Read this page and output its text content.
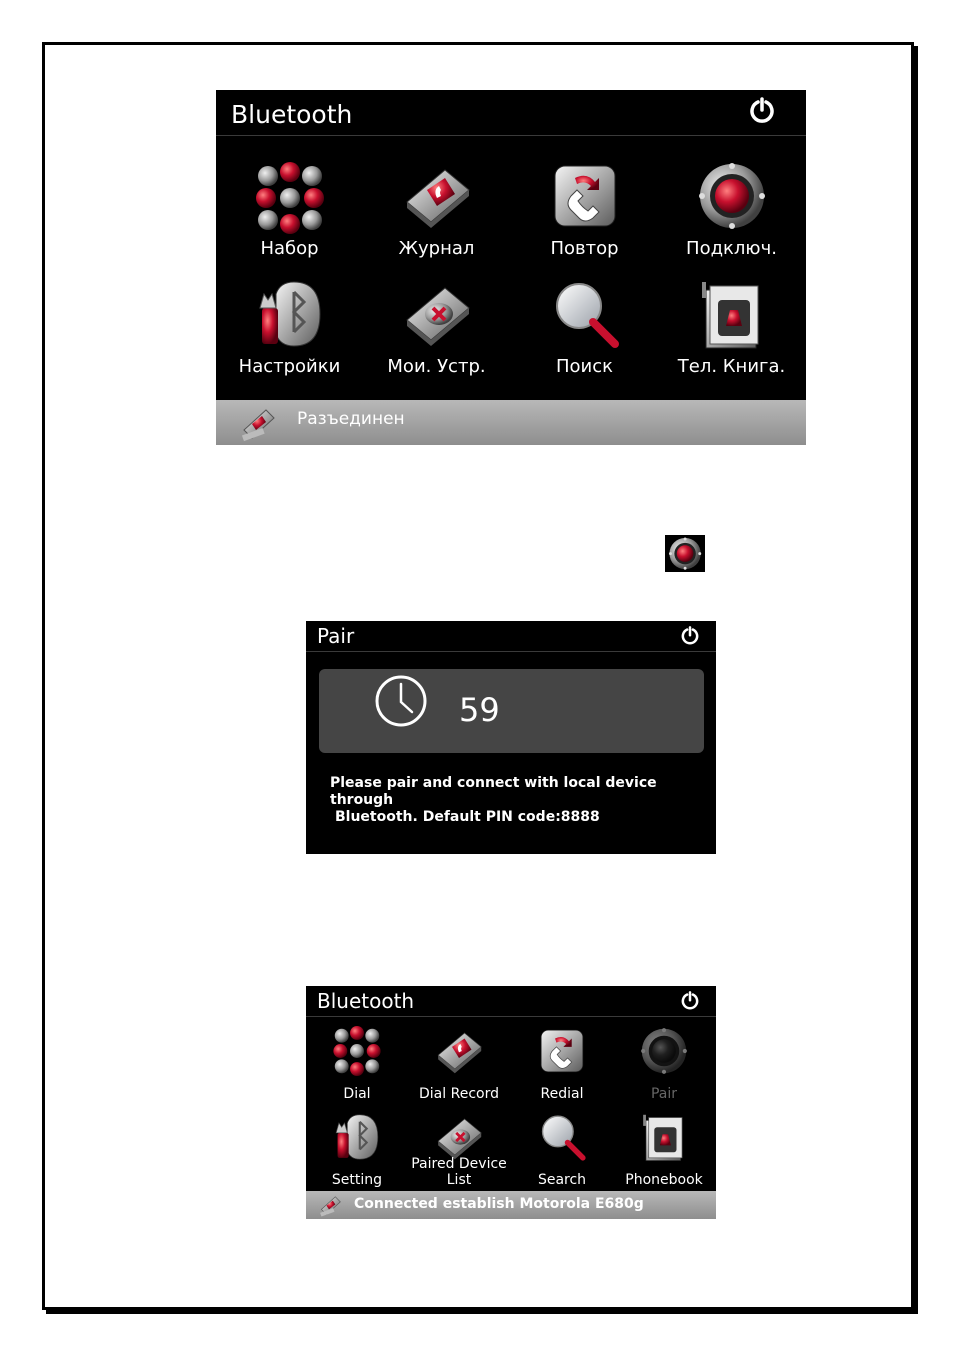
Bluetooth
Набор	Журнал	Повтор	Подключ.
Настройки	Мои. Устр.	Поиск	Тел. Книга.
Разъединен
Pair
59
Please pair and connect with local device through
Bluetooth. Default PIN code:8888
Bluetooth
Dial	Dial Record	Redial	Pair
Setting
Paired Device
List	Search	Phonebook
Connected establish Motorola E680g
